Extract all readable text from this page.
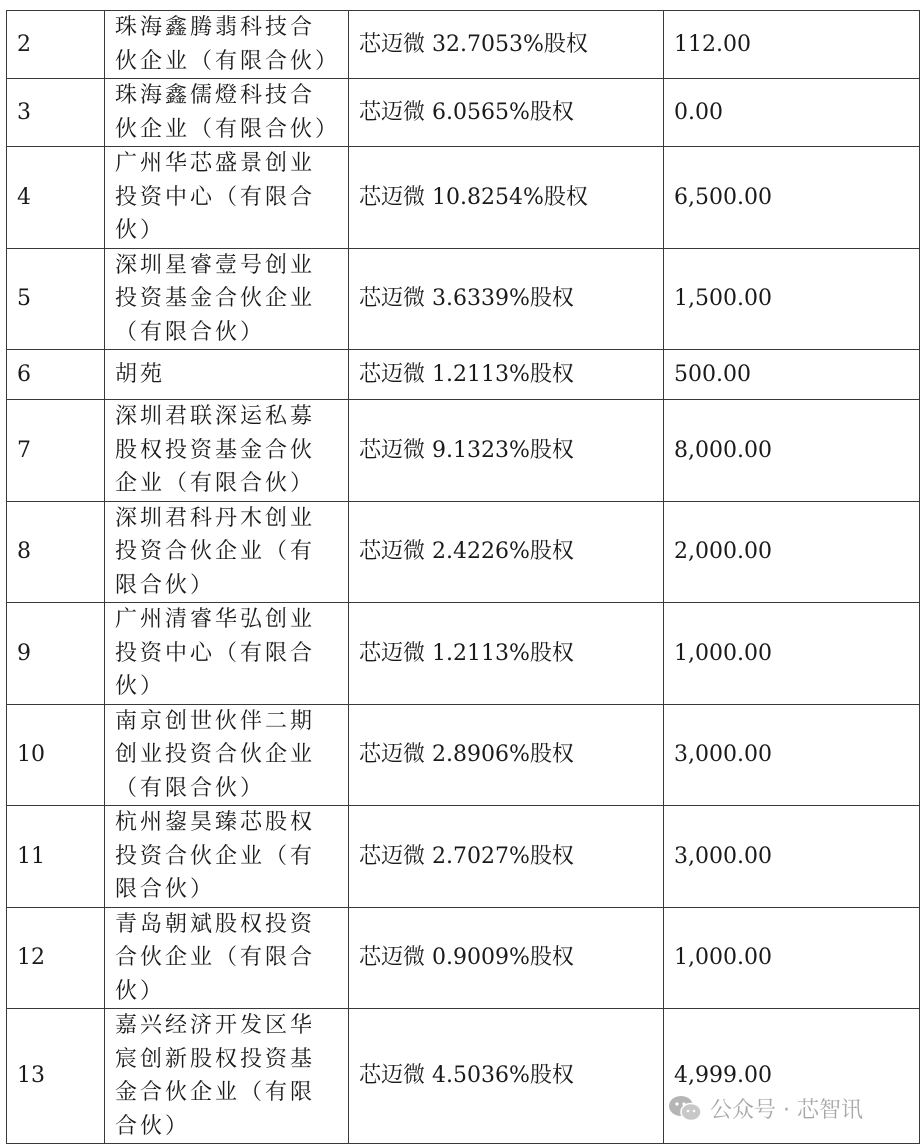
2	珠海鑫腾翡科技合伙企业（有限合伙）	芯迈微 32.7053%股权	112.00
3	珠海鑫儒燈科技合伙企业（有限合伙）	芯迈微 6.0565%股权	0.00
4	广州华芯盛景创业投资中心（有限合伙）	芯迈微 10.8254%股权	6,500.00
5	深圳星睿壹号创业投资基金合伙企业（有限合伙）	芯迈微 3.6339%股权	1,500.00
6	胡苑	芯迈微 1.2113%股权	500.00
7	深圳君联深运私募股权投资基金合伙企业（有限合伙）	芯迈微 9.1323%股权	8,000.00
8	深圳君科丹木创业投资合伙企业（有限合伙）	芯迈微 2.4226%股权	2,000.00
9	广州清睿华弘创业投资中心（有限合伙）	芯迈微 1.2113%股权	1,000.00
10	南京创世伙伴二期创业投资合伙企业（有限合伙）	芯迈微 2.8906%股权	3,000.00
11	杭州鋆昊臻芯股权投资合伙企业（有限合伙）	芯迈微 2.7027%股权	3,000.00
12	青岛朝斌股权投资合伙企业（有限合伙）	芯迈微 0.9009%股权	1,000.00
13	嘉兴经济开发区华宸创新股权投资基金合伙企业（有限合伙）	芯迈微 4.5036%股权	4,999.00
公众号 · 芯智讯
